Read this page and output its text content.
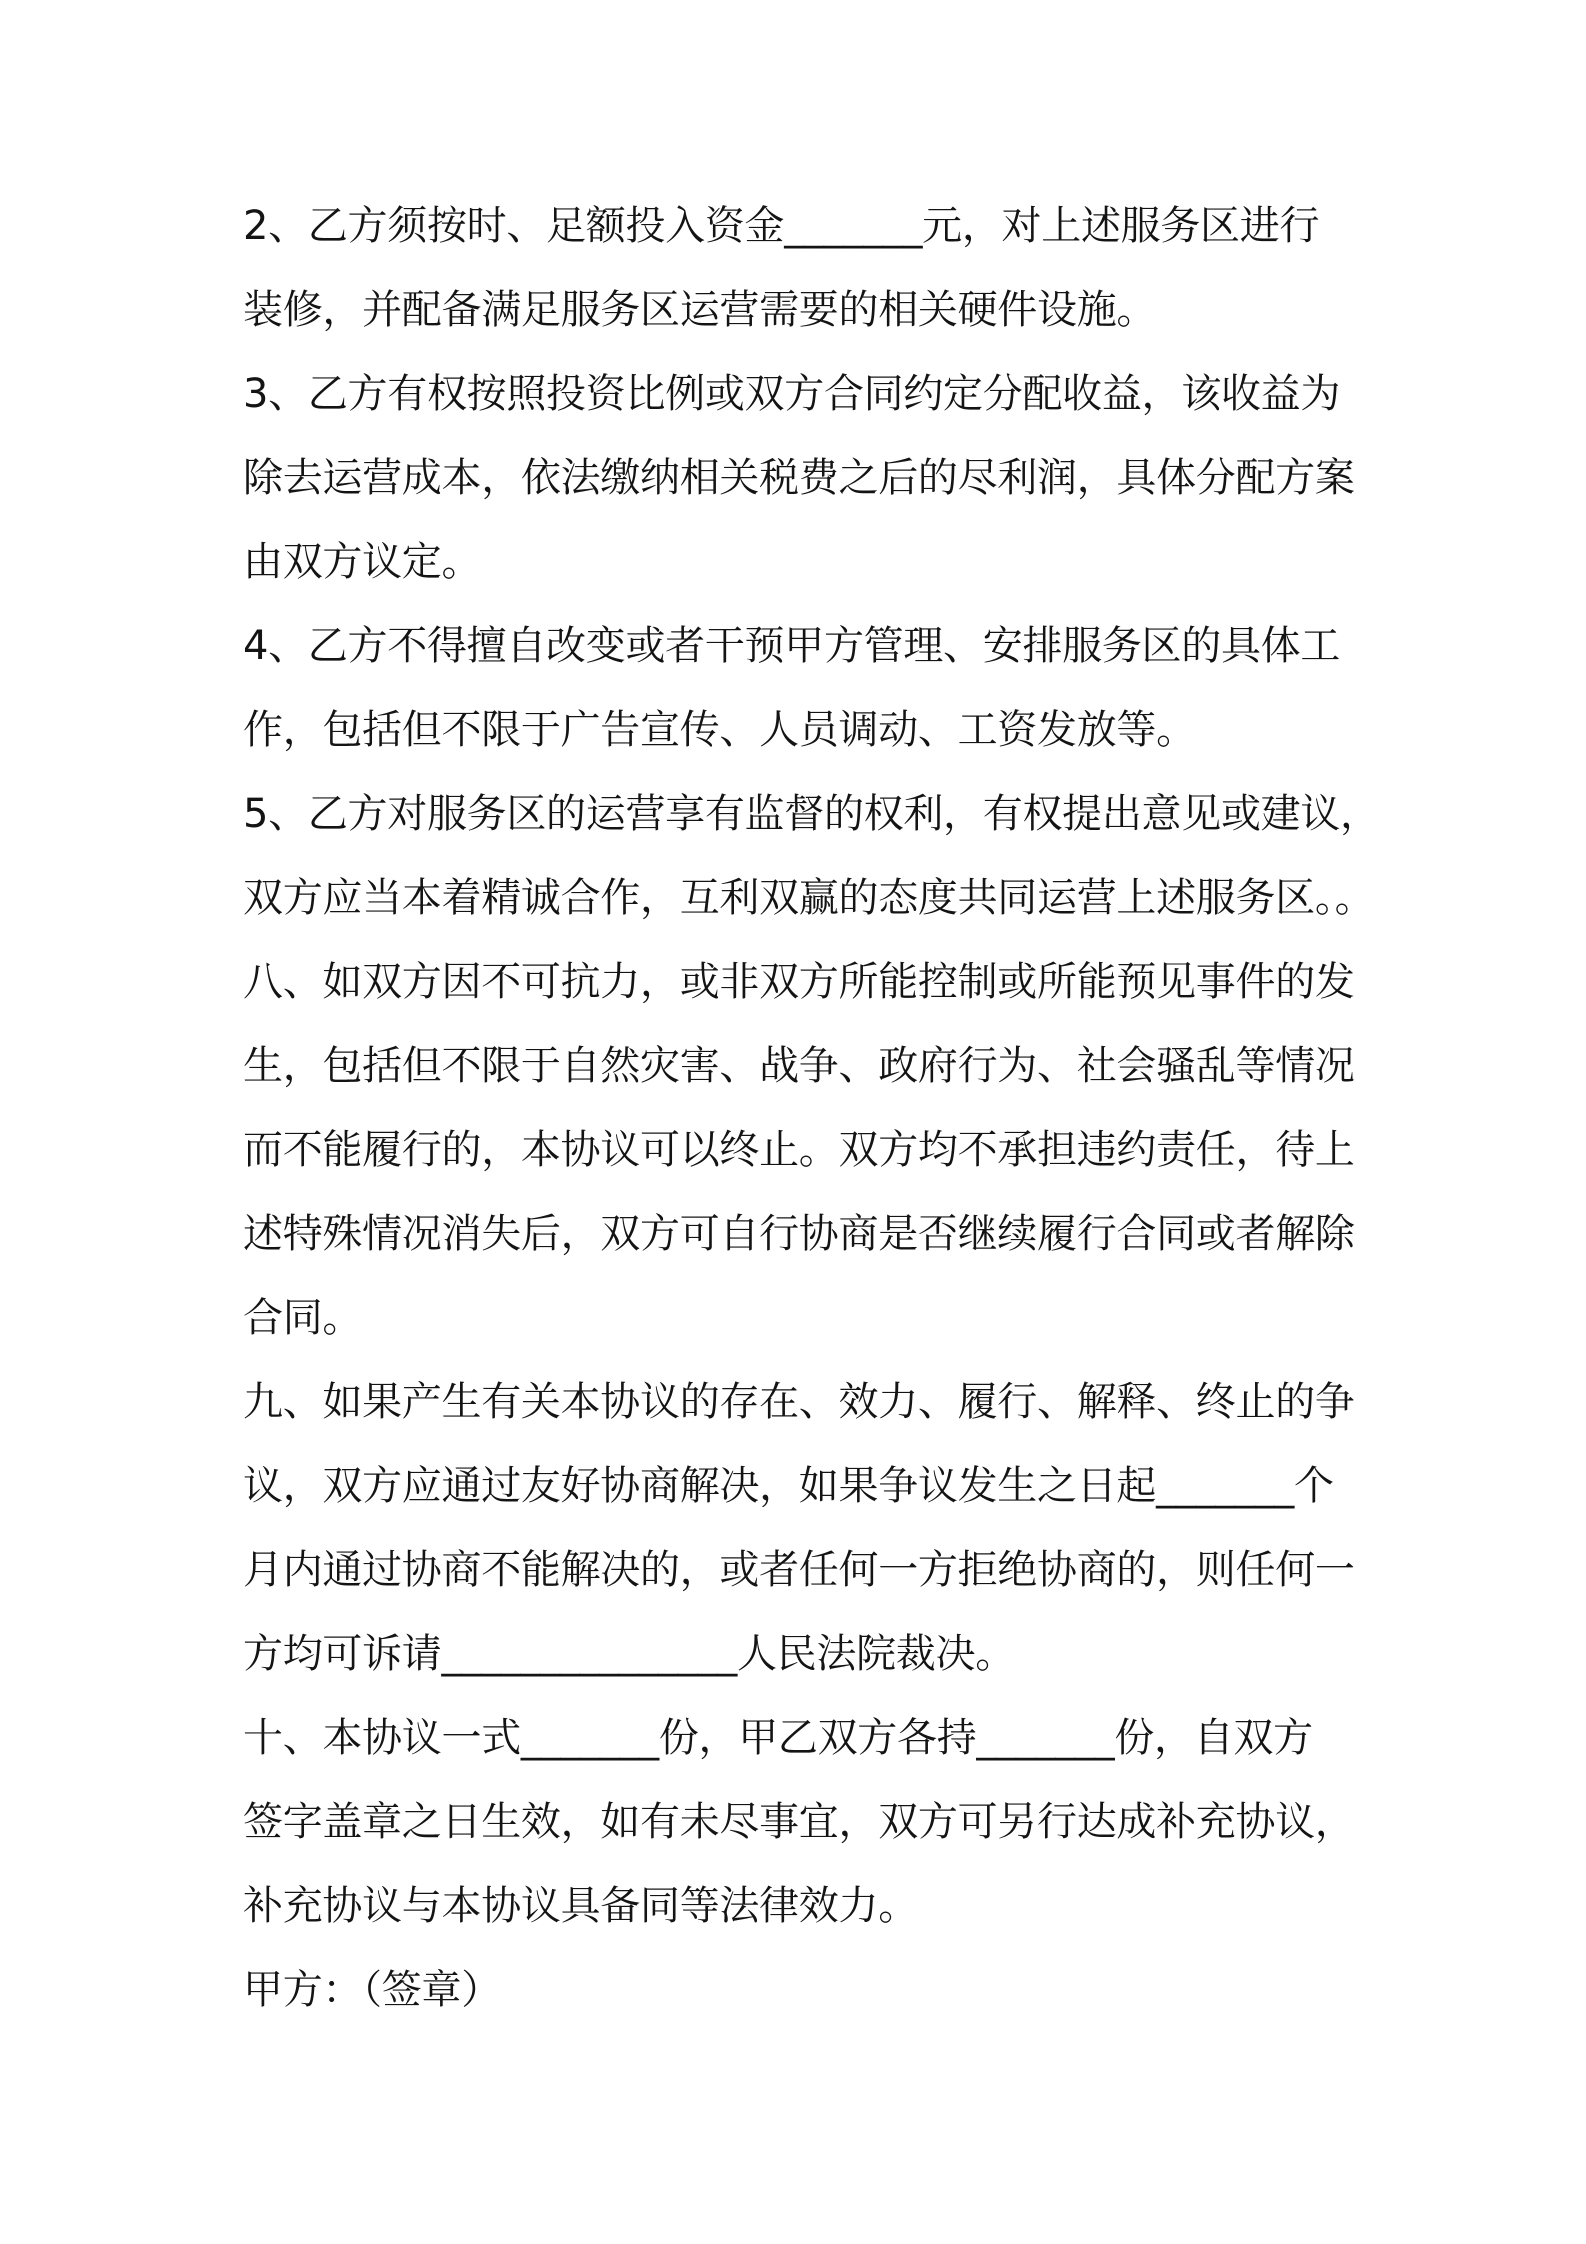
2、乙方须按时、足额投入资金_______元，对上述服务区进行
装修，并配备满足服务区运营需要的相关硬件设施。
3、乙方有权按照投资比例或双方合同约定分配收益，该收益为
除去运营成本，依法缴纳相关税费之后的尽利润，具体分配方案
由双方议定。
4、乙方不得擅自改变或者干预甲方管理、安排服务区的具体工
作，包括但不限于广告宣传、人员调动、工资发放等。
5、乙方对服务区的运营享有监督的权利，有权提出意见或建议，
双方应当本着精诚合作，互利双赢的态度共同运营上述服务区。。
八、如双方因不可抗力，或非双方所能控制或所能预见事件的发
生，包括但不限于自然灾害、战争、政府行为、社会骚乱等情况
而不能履行的，本协议可以终止。双方均不承担违约责任，待上
述特殊情况消失后，双方可自行协商是否继续履行合同或者解除
合同。
九、如果产生有关本协议的存在、效力、履行、解释、终止的争
议，双方应通过友好协商解决，如果争议发生之日起_______个
月内通过协商不能解决的，或者任何一方拒绝协商的，则任何一
方均可诉请_______________人民法院裁决。
十、本协议一式_______份，甲乙双方各持_______份，自双方
签字盖章之日生效，如有未尽事宜，双方可另行达成补充协议，
补充协议与本协议具备同等法律效力。
甲方：（签章）
